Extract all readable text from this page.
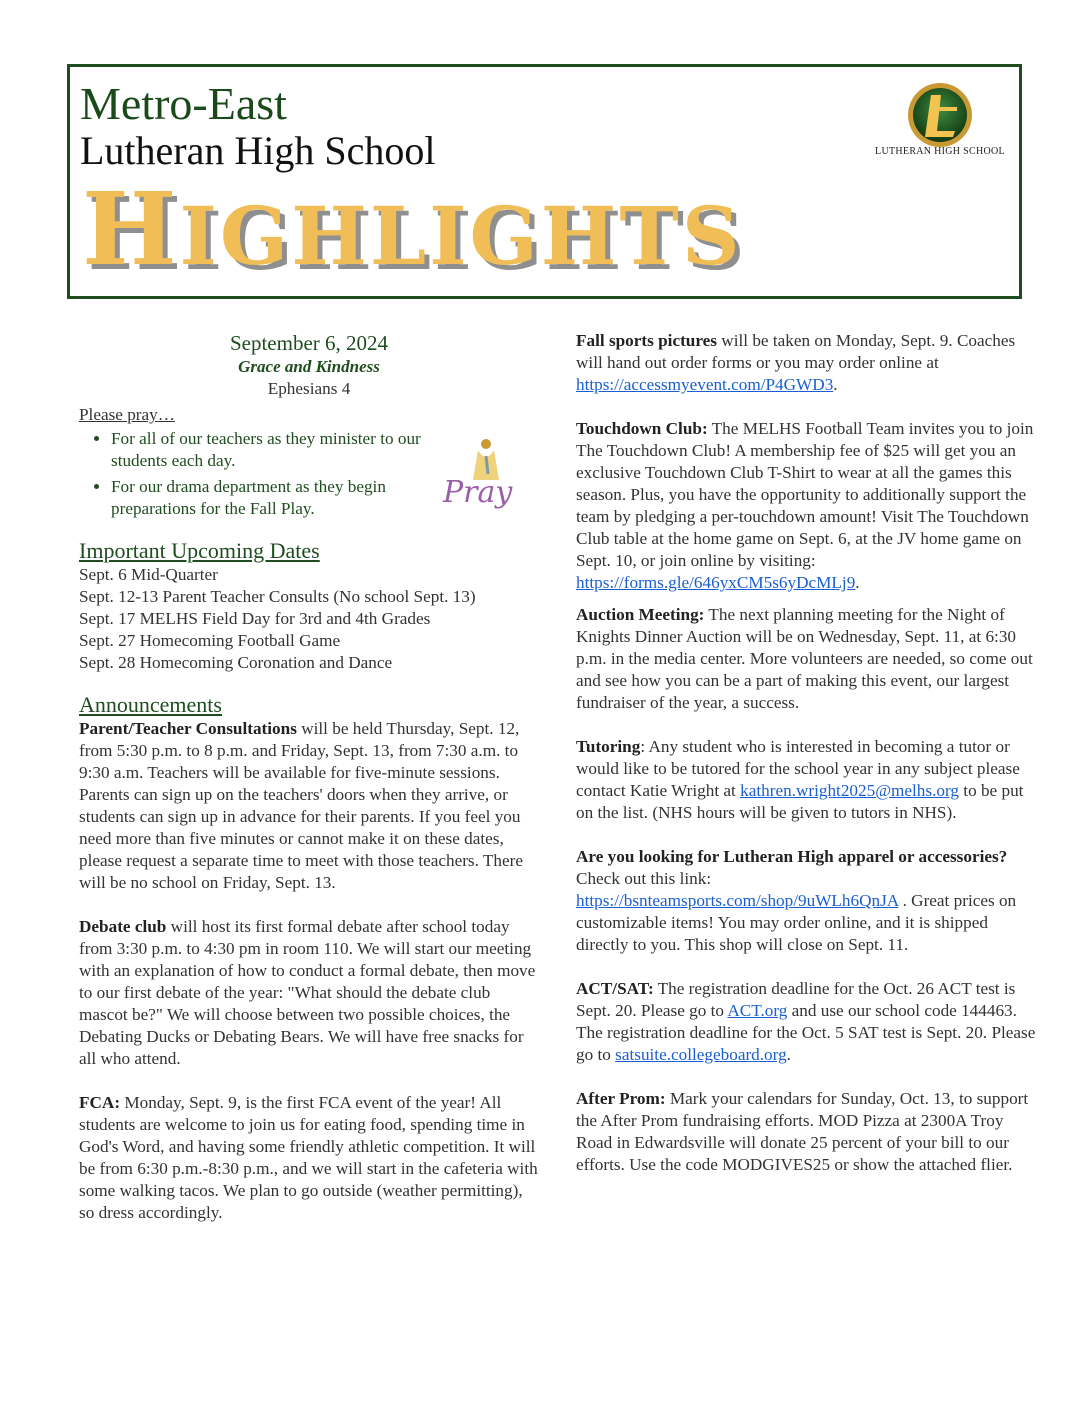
Metro-East
Lutheran High School	LUTHERAN HIGH SCHOOL
HIGHLIGHTS
September 6, 2024
Grace and Kindness
Ephesians 4
Please pray…
• For all of our teachers as they minister to our students each day.
• For our drama department as they begin preparations for the Fall Play.	Pray
Important Upcoming Dates
Sept. 6 Mid-Quarter
Sept. 12-13 Parent Teacher Consults (No school Sept. 13)
Sept. 17 MELHS Field Day for 3rd and 4th Grades
Sept. 27 Homecoming Football Game
Sept. 28 Homecoming Coronation and Dance
Announcements

Parent/Teacher Consultations will be held Thursday, Sept. 12, from 5:30 p.m. to 8 p.m. and Friday, Sept. 13, from 7:30 a.m. to 9:30 a.m. Teachers will be available for five-minute sessions. Parents can sign up on the teachers' doors when they arrive, or students can sign up in advance for their parents. If you feel you need more than five minutes or cannot make it on these dates, please request a separate time to meet with those teachers. There will be no school on Friday, Sept. 13.

Debate club will host its first formal debate after school today from 3:30 p.m. to 4:30 pm in room 110. We will start our meeting with an explanation of how to conduct a formal debate, then move to our first debate of the year: "What should the debate club mascot be?" We will choose between two possible choices, the Debating Ducks or Debating Bears. We will have free snacks for all who attend.

FCA: Monday, Sept. 9, is the first FCA event of the year! All students are welcome to join us for eating food, spending time in God's Word, and having some friendly athletic competition. It will be from 6:30 p.m.-8:30 p.m., and we will start in the cafeteria with some walking tacos. We plan to go outside (weather permitting), so dress accordingly.

Fall sports pictures will be taken on Monday, Sept. 9. Coaches will hand out order forms or you may order online at https://accessmyevent.com/P4GWD3.

Touchdown Club: The MELHS Football Team invites you to join The Touchdown Club! A membership fee of $25 will get you an exclusive Touchdown Club T-Shirt to wear at all the games this season. Plus, you have the opportunity to additionally support the team by pledging a per-touchdown amount! Visit The Touchdown Club table at the home game on Sept. 6, at the JV home game on Sept. 10, or join online by visiting: https://forms.gle/646yxCM5s6yDcMLj9.

Auction Meeting: The next planning meeting for the Night of Knights Dinner Auction will be on Wednesday, Sept. 11, at 6:30 p.m. in the media center. More volunteers are needed, so come out and see how you can be a part of making this event, our largest fundraiser of the year, a success.

Tutoring: Any student who is interested in becoming a tutor or would like to be tutored for the school year in any subject please contact Katie Wright at kathren.wright2025@melhs.org to be put on the list. (NHS hours will be given to tutors in NHS).

Are you looking for Lutheran High apparel or accessories? Check out this link: https://bsnteamsports.com/shop/9uWLh6QnJA . Great prices on customizable items! You may order online, and it is shipped directly to you. This shop will close on Sept. 11.

ACT/SAT: The registration deadline for the Oct. 26 ACT test is Sept. 20. Please go to ACT.org and use our school code 144463. The registration deadline for the Oct. 5 SAT test is Sept. 20. Please go to satsuite.collegeboard.org.

After Prom: Mark your calendars for Sunday, Oct. 13, to support the After Prom fundraising efforts. MOD Pizza at 2300A Troy Road in Edwardsville will donate 25 percent of your bill to our efforts. Use the code MODGIVES25 or show the attached flier.
